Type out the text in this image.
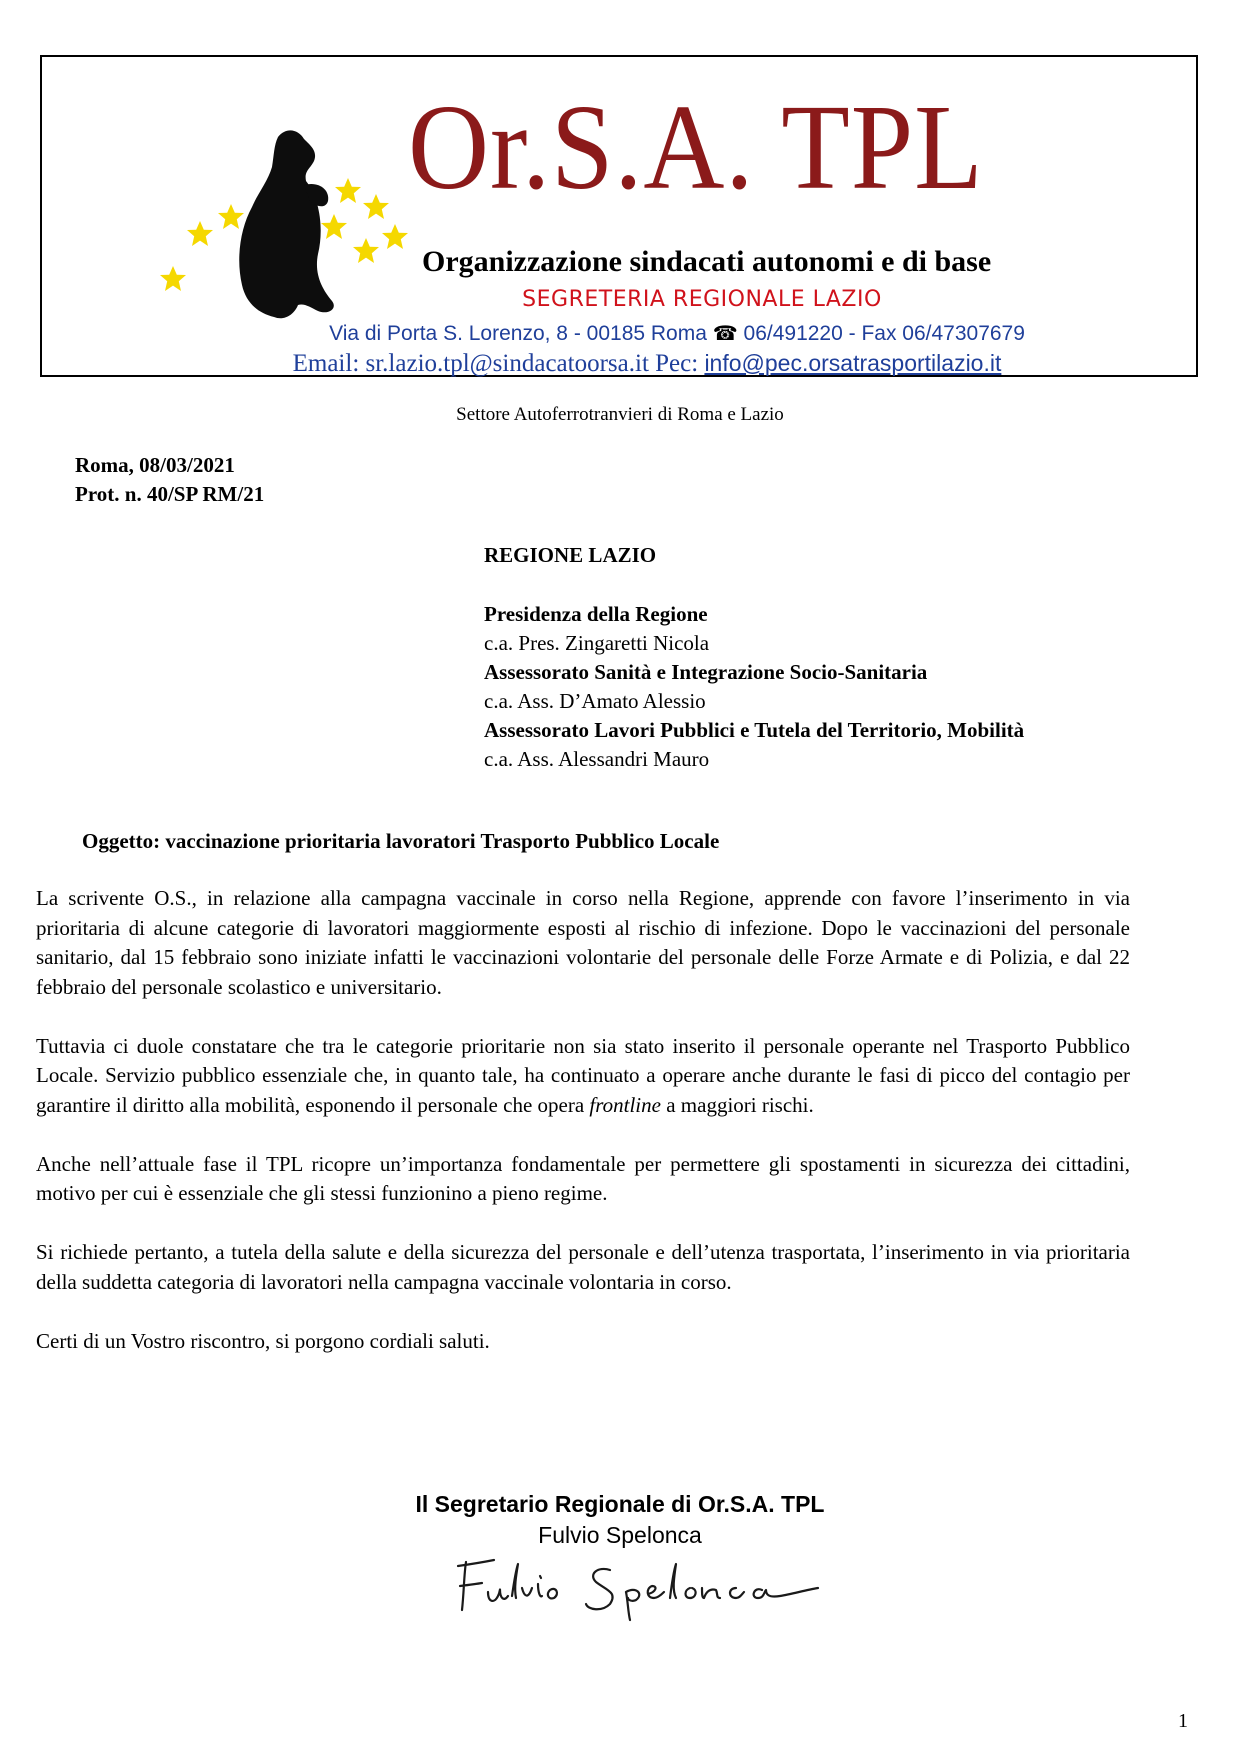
Or.S.A. TPL
Organizzazione sindacati autonomi e di base
SEGRETERIA REGIONALE LAZIO
Via di Porta S. Lorenzo, 8 - 00185 Roma ☎ 06/491220 - Fax 06/47307679
Email: sr.lazio.tpl@sindacatoorsa.it Pec: info@pec.orsatrasportilazio.it
Settore Autoferrotranvieri di Roma e Lazio
Roma, 08/03/2021
Prot. n. 40/SP RM/21
REGIONE LAZIO
Presidenza della Regione
c.a. Pres. Zingaretti Nicola
Assessorato Sanità e Integrazione Socio-Sanitaria
c.a. Ass. D’Amato Alessio
Assessorato Lavori Pubblici e Tutela del Territorio, Mobilità
c.a. Ass. Alessandri Mauro
Oggetto: vaccinazione prioritaria lavoratori Trasporto Pubblico Locale

La scrivente O.S., in relazione alla campagna vaccinale in corso nella Regione, apprende con favore l’inserimento in via prioritaria di alcune categorie di lavoratori maggiormente esposti al rischio di infezione. Dopo le vaccinazioni del personale sanitario, dal 15 febbraio sono iniziate infatti le vaccinazioni volontarie del personale delle Forze Armate e di Polizia, e dal 22 febbraio del personale scolastico e universitario.

Tuttavia ci duole constatare che tra le categorie prioritarie non sia stato inserito il personale operante nel Trasporto Pubblico Locale. Servizio pubblico essenziale che, in quanto tale, ha continuato a operare anche durante le fasi di picco del contagio per garantire il diritto alla mobilità, esponendo il personale che opera frontline a maggiori rischi.

Anche nell’attuale fase il TPL ricopre un’importanza fondamentale per permettere gli spostamenti in sicurezza dei cittadini, motivo per cui è essenziale che gli stessi funzionino a pieno regime.

Si richiede pertanto, a tutela della salute e della sicurezza del personale e dell’utenza trasportata, l’inserimento in via prioritaria della suddetta categoria di lavoratori nella campagna vaccinale volontaria in corso.

Certi di un Vostro riscontro, si porgono cordiali saluti.

Il Segretario Regionale di Or.S.A. TPL
Fulvio Spelonca
1
